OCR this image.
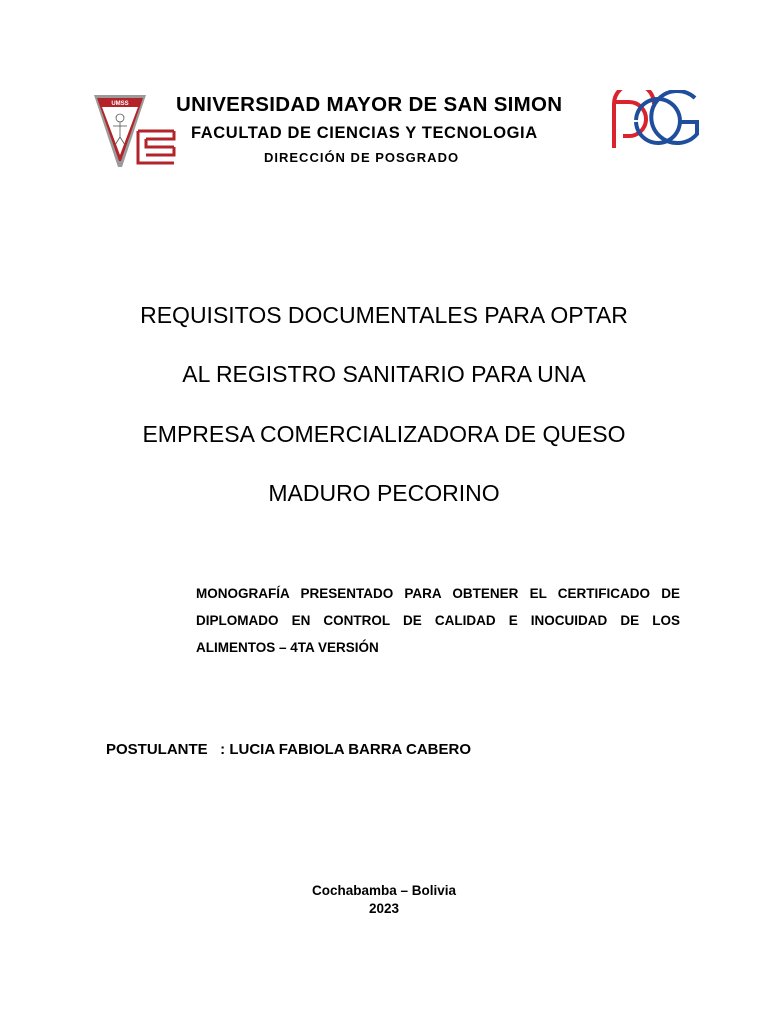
UMSS UNIVERSIDAD MAYOR DE SAN SIMON
FACULTAD DE CIENCIAS Y TECNOLOGIA
DIRECCIÓN DE POSGRADO
REQUISITOS DOCUMENTALES PARA OPTAR
AL REGISTRO SANITARIO PARA UNA
EMPRESA COMERCIALIZADORA DE QUESO
MADURO PECORINO
MONOGRAFÍA PRESENTADO PARA OBTENER EL CERTIFICADO DE DIPLOMADO EN CONTROL DE CALIDAD E INOCUIDAD DE LOS ALIMENTOS – 4TA VERSIÓN
POSTULANTE   : LUCIA FABIOLA BARRA CABERO
Cochabamba – Bolivia
2023
